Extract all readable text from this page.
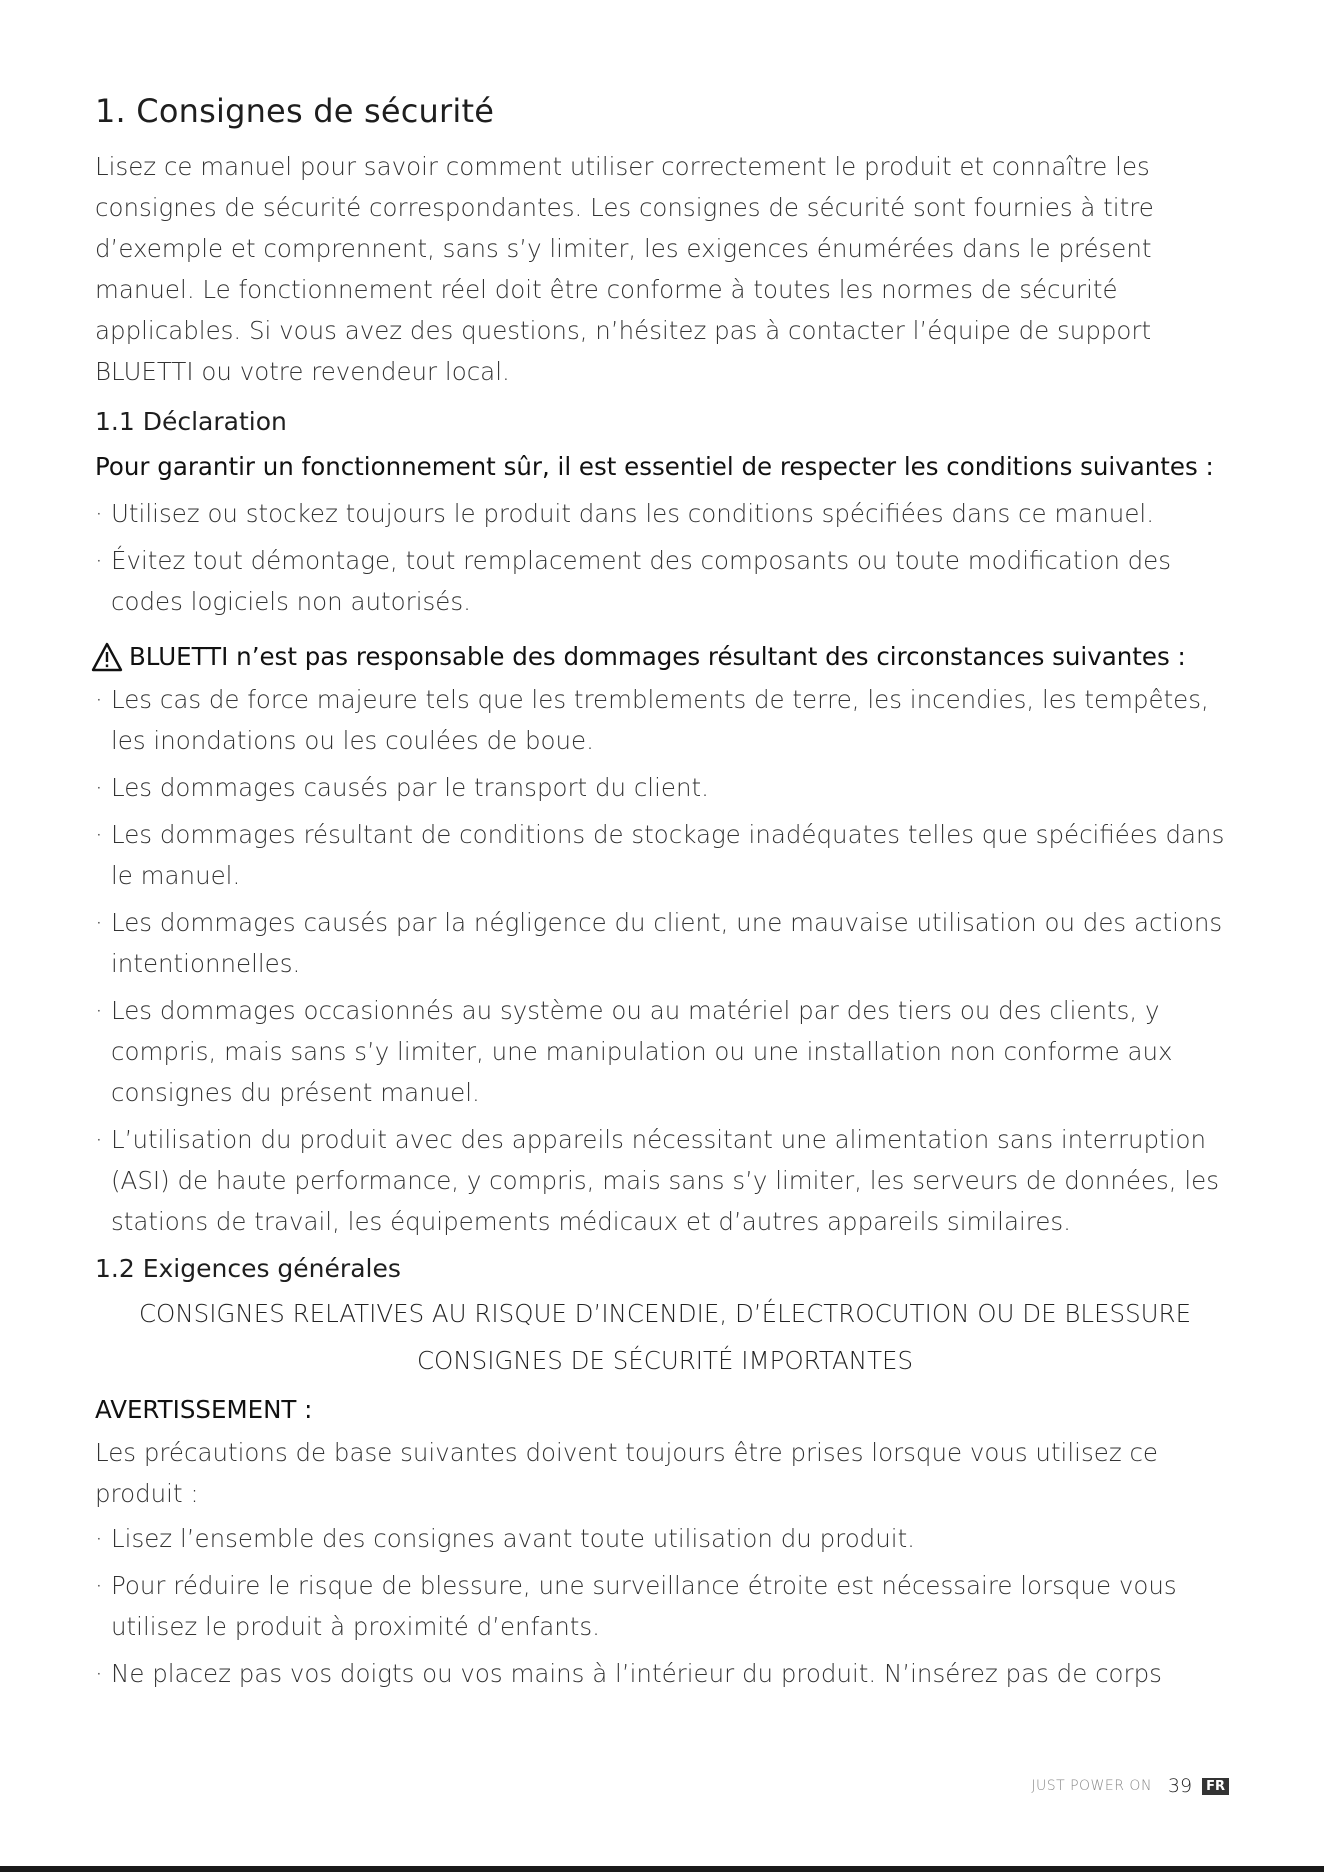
1. Consignes de sécurité

Lisez ce manuel pour savoir comment utiliser correctement le produit et connaître les consignes de sécurité correspondantes. Les consignes de sécurité sont fournies à titre d’exemple et comprennent, sans s’y limiter, les exigences énumérées dans le présent manuel. Le fonctionnement réel doit être conforme à toutes les normes de sécurité applicables. Si vous avez des questions, n’hésitez pas à contacter l’équipe de support BLUETTI ou votre revendeur local.

1.1 Déclaration

Pour garantir un fonctionnement sûr, il est essentiel de respecter les conditions suivantes :

· Utilisez ou stockez toujours le produit dans les conditions spécifiées dans ce manuel.
· Évitez tout démontage, tout remplacement des composants ou toute modification des codes logiciels non autorisés.
BLUETTI n’est pas responsable des dommages résultant des circonstances suivantes :
· Les cas de force majeure tels que les tremblements de terre, les incendies, les tempêtes, les inondations ou les coulées de boue.
· Les dommages causés par le transport du client.
· Les dommages résultant de conditions de stockage inadéquates telles que spécifiées dans le manuel.
· Les dommages causés par la négligence du client, une mauvaise utilisation ou des actions intentionnelles.
· Les dommages occasionnés au système ou au matériel par des tiers ou des clients, y compris, mais sans s’y limiter, une manipulation ou une installation non conforme aux consignes du présent manuel.
· L’utilisation du produit avec des appareils nécessitant une alimentation sans interruption (ASI) de haute performance, y compris, mais sans s’y limiter, les serveurs de données, les stations de travail, les équipements médicaux et d’autres appareils similaires.
1.2 Exigences générales

CONSIGNES RELATIVES AU RISQUE D’INCENDIE, D’ÉLECTROCUTION OU DE BLESSURE

CONSIGNES DE SÉCURITÉ IMPORTANTES

AVERTISSEMENT :

Les précautions de base suivantes doivent toujours être prises lorsque vous utilisez ce produit :

· Lisez l’ensemble des consignes avant toute utilisation du produit.
· Pour réduire le risque de blessure, une surveillance étroite est nécessaire lorsque vous utilisez le produit à proximité d’enfants.
· Ne placez pas vos doigts ou vos mains à l’intérieur du produit. N’insérez pas de corps
JUST POWER ON 39	FR
